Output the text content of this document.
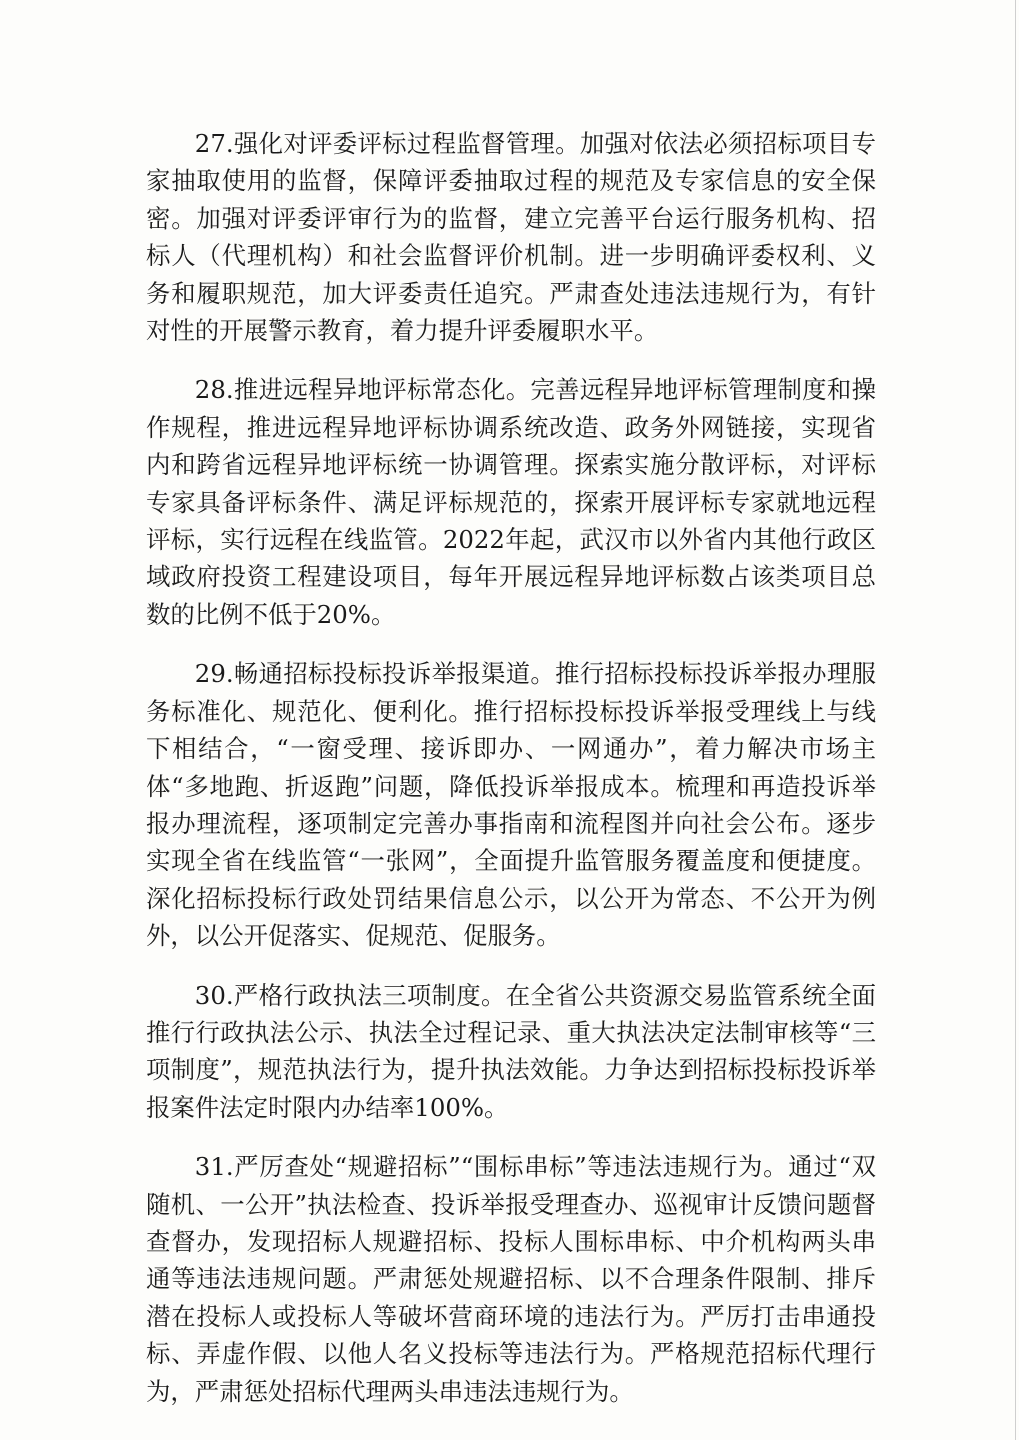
27.强化对评委评标过程监督管理。加强对依法必须招标项目专家抽取使用的监督，保障评委抽取过程的规范及专家信息的安全保密。加强对评委评审行为的监督，建立完善平台运行服务机构、招标人（代理机构）和社会监督评价机制。进一步明确评委权利、义务和履职规范，加大评委责任追究。严肃查处违法违规行为，有针对性的开展警示教育，着力提升评委履职水平。

28.推进远程异地评标常态化。完善远程异地评标管理制度和操作规程，推进远程异地评标协调系统改造、政务外网链接，实现省内和跨省远程异地评标统一协调管理。探索实施分散评标，对评标专家具备评标条件、满足评标规范的，探索开展评标专家就地远程评标，实行远程在线监管。2022年起，武汉市以外省内其他行政区域政府投资工程建设项目，每年开展远程异地评标数占该类项目总数的比例不低于20%。

29.畅通招标投标投诉举报渠道。推行招标投标投诉举报办理服务标准化、规范化、便利化。推行招标投标投诉举报受理线上与线下相结合，“一窗受理、接诉即办、一网通办”，着力解决市场主体“多地跑、折返跑”问题，降低投诉举报成本。梳理和再造投诉举报办理流程，逐项制定完善办事指南和流程图并向社会公布。逐步实现全省在线监管“一张网”，全面提升监管服务覆盖度和便捷度。深化招标投标行政处罚结果信息公示，以公开为常态、不公开为例外，以公开促落实、促规范、促服务。

30.严格行政执法三项制度。在全省公共资源交易监管系统全面推行行政执法公示、执法全过程记录、重大执法决定法制审核等“三项制度”，规范执法行为，提升执法效能。力争达到招标投标投诉举报案件法定时限内办结率100%。

31.严厉查处“规避招标”“围标串标”等违法违规行为。通过“双随机、一公开”执法检查、投诉举报受理查办、巡视审计反馈问题督查督办，发现招标人规避招标、投标人围标串标、中介机构两头串通等违法违规问题。严肃惩处规避招标、以不合理条件限制、排斥潜在投标人或投标人等破坏营商环境的违法行为。严厉打击串通投标、弄虚作假、以他人名义投标等违法行为。严格规范招标代理行为，严肃惩处招标代理两头串违法违规行为。
